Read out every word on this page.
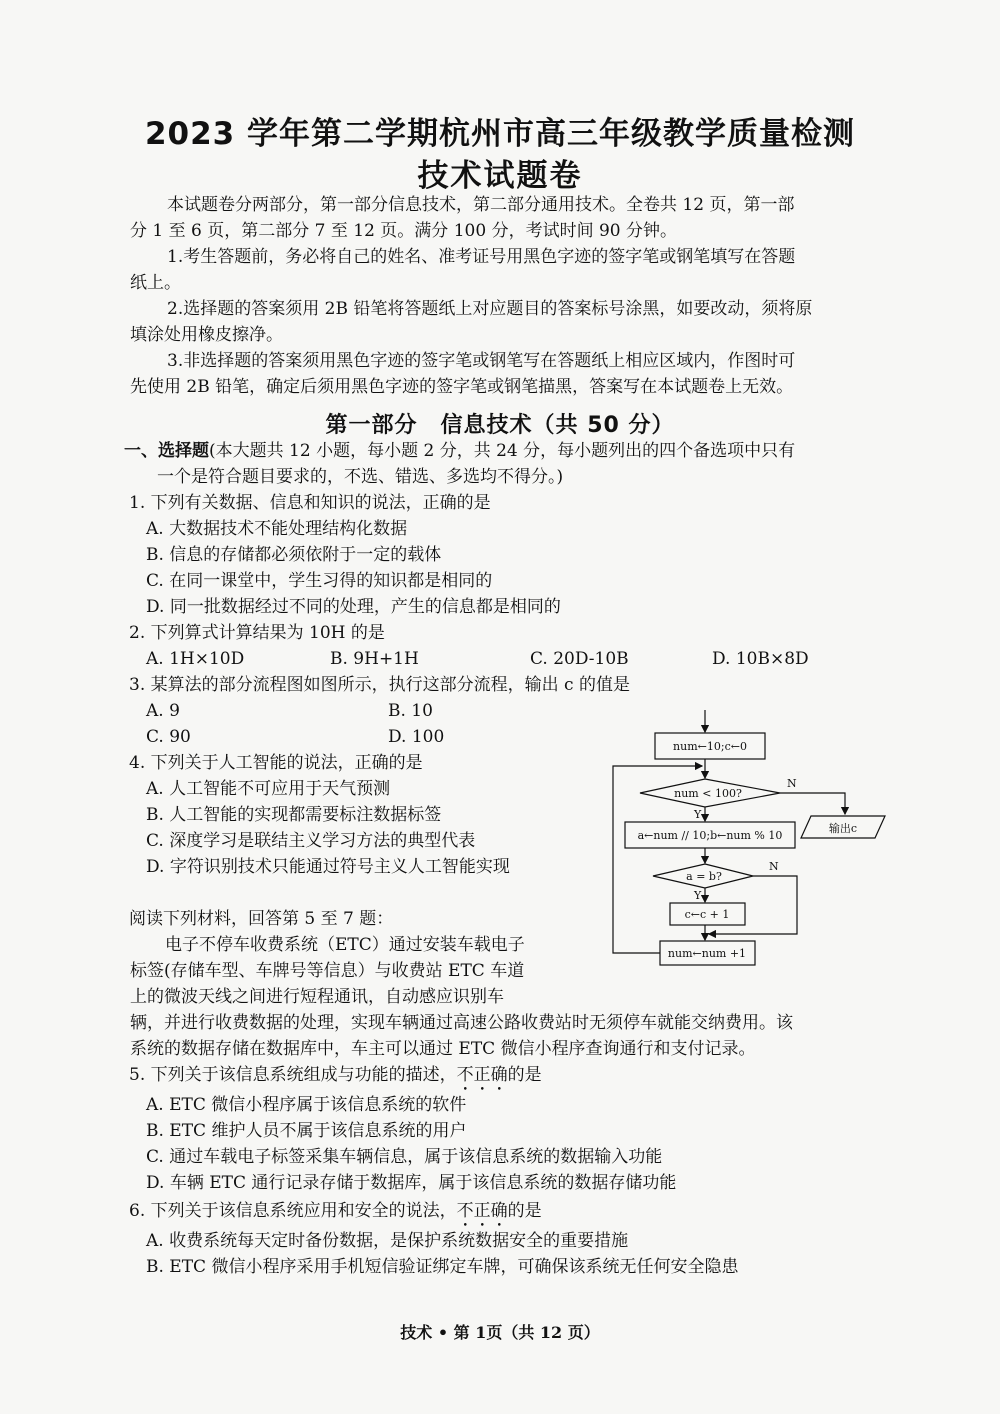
2023 学年第二学期杭州市高三年级教学质量检测
技术试题卷
本试题卷分两部分，第一部分信息技术，第二部分通用技术。全卷共 12 页，第一部
分 1 至 6 页，第二部分 7 至 12 页。满分 100 分，考试时间 90 分钟。
1.考生答题前，务必将自己的姓名、准考证号用黑色字迹的签字笔或钢笔填写在答题
纸上。
2.选择题的答案须用 2B 铅笔将答题纸上对应题目的答案标号涂黑，如要改动，须将原
填涂处用橡皮擦净。
3.非选择题的答案须用黑色字迹的签字笔或钢笔写在答题纸上相应区域内，作图时可
先使用 2B 铅笔，确定后须用黑色字迹的签字笔或钢笔描黑，答案写在本试题卷上无效。
第一部分　信息技术（共 50 分）
一、选择题(本大题共 12 小题，每小题 2 分，共 24 分，每小题列出的四个备选项中只有
一个是符合题目要求的，不选、错选、多选均不得分。)
1. 下列有关数据、信息和知识的说法，正确的是
A. 大数据技术不能处理结构化数据
B. 信息的存储都必须依附于一定的载体
C. 在同一课堂中，学生习得的知识都是相同的
D. 同一批数据经过不同的处理，产生的信息都是相同的
2. 下列算式计算结果为 10H 的是
A. 1H×10D	B. 9H+1H	C. 20D-10B	D. 10B×8D
3. 某算法的部分流程图如图所示，执行这部分流程，输出 c 的值是
A. 9	B. 10
C. 90	D. 100
4. 下列关于人工智能的说法，正确的是
A. 人工智能不可应用于天气预测
B. 人工智能的实现都需要标注数据标签
C. 深度学习是联结主义学习方法的典型代表
D. 字符识别技术只能通过符号主义人工智能实现
阅读下列材料，回答第 5 至 7 题：
电子不停车收费系统（ETC）通过安装车载电子
标签(存储车型、车牌号等信息）与收费站 ETC 车道
上的微波天线之间进行短程通讯，自动感应识别车
辆，并进行收费数据的处理，实现车辆通过高速公路收费站时无须停车就能交纳费用。该
系统的数据存储在数据库中，车主可以通过 ETC 微信小程序查询通行和支付记录。
5. 下列关于该信息系统组成与功能的描述，不正确的是
A. ETC 微信小程序属于该信息系统的软件
B. ETC 维护人员不属于该信息系统的用户
C. 通过车载电子标签采集车辆信息，属于该信息系统的数据输入功能
D. 车辆 ETC 通行记录存储于数据库，属于该信息系统的数据存储功能
6. 下列关于该信息系统应用和安全的说法，不正确的是
A. 收费系统每天定时备份数据，是保护系统数据安全的重要措施
B. ETC 微信小程序采用手机短信验证绑定车牌，可确保该系统无任何安全隐患
num←10;c←0
num < 100?
N
Y
输出c
a←num // 10;b←num % 10
a = b?
N
Y
c←c + 1
num←num +1
技术 • 第 1页（共 12 页）
